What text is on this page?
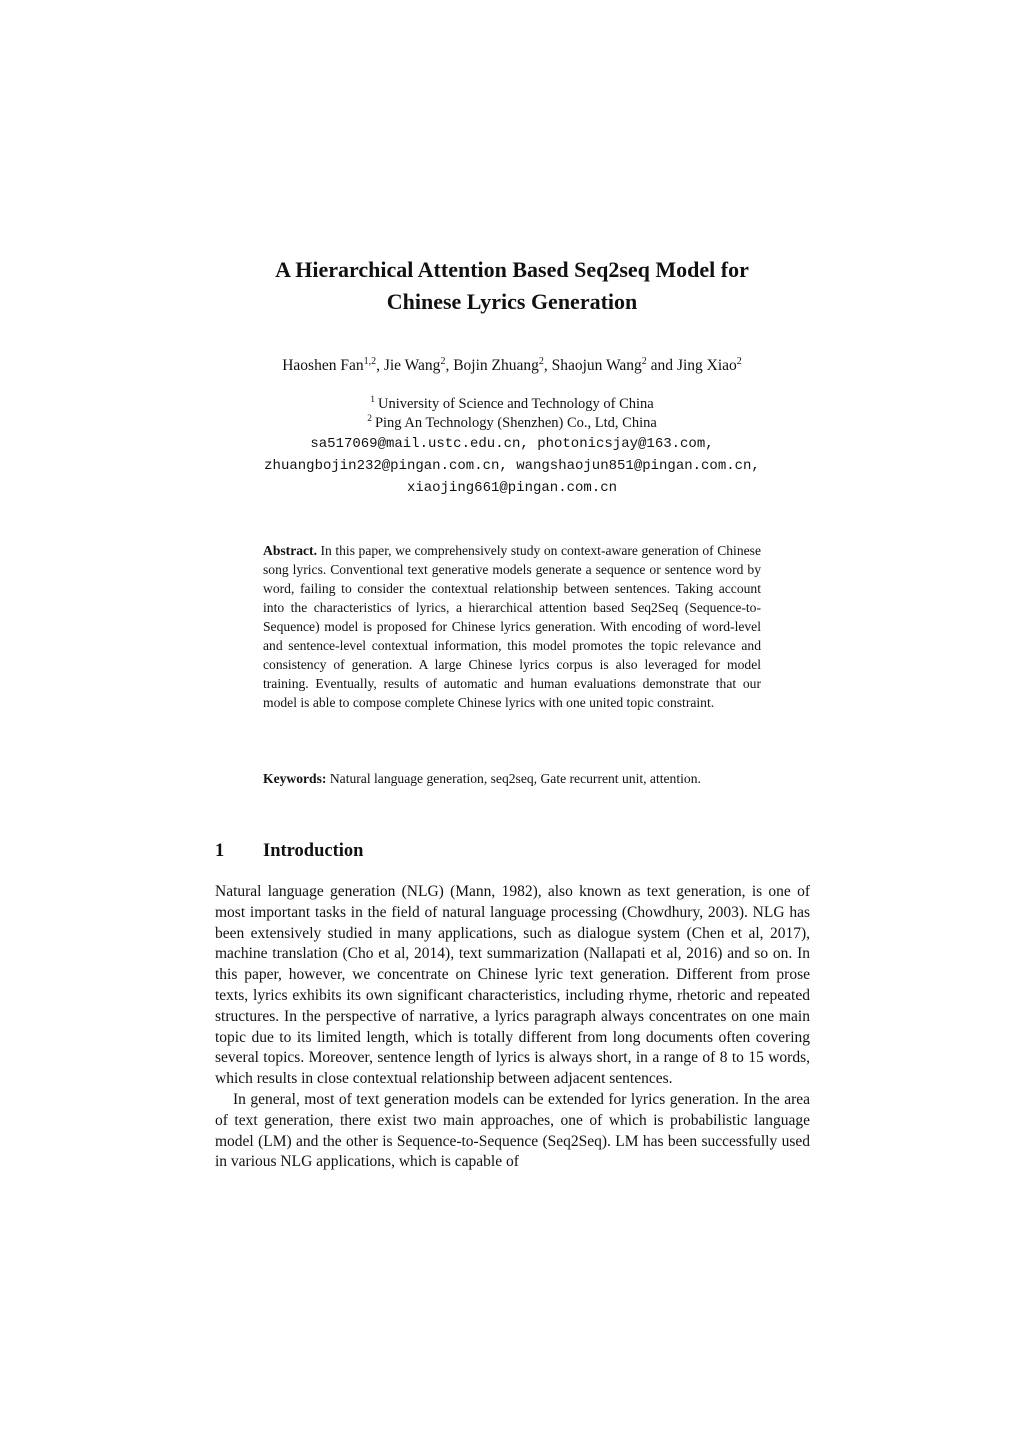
A Hierarchical Attention Based Seq2seq Model for
Chinese Lyrics Generation
Haoshen Fan$^{1,2}$, Jie Wang$^2$, Bojin Zhuang$^2$, Shaojun Wang$^2$ and Jing Xiao$^2$
$^1$ University of Science and Technology of China
$^2$ Ping An Technology (Shenzhen) Co., Ltd, China
sa517069@mail.ustc.edu.cn, photonicsjay@163.com,
zhuangbojin232@pingan.com.cn, wangshaojun851@pingan.com.cn,
xiaojing661@pingan.com.cn
Abstract. In this paper, we comprehensively study on context-aware generation of Chinese song lyrics. Conventional text generative models generate a sequence or sentence word by word, failing to consider the contextual relationship between sentences. Taking account into the characteristics of lyrics, a hierarchical attention based Seq2Seq (Sequence-to-Sequence) model is proposed for Chinese lyrics generation. With encoding of word-level and sentence-level contextual information, this model promotes the topic relevance and consistency of generation. A large Chinese lyrics corpus is also leveraged for model training. Eventually, results of automatic and human evaluations demonstrate that our model is able to compose complete Chinese lyrics with one united topic constraint.
Keywords: Natural language generation, seq2seq, Gate recurrent unit, attention.
1 Introduction

Natural language generation (NLG) (Mann, 1982), also known as text generation, is one of most important tasks in the field of natural language processing (Chowdhury, 2003). NLG has been extensively studied in many applications, such as dialogue system (Chen et al, 2017), machine translation (Cho et al, 2014), text summarization (Nallapati et al, 2016) and so on. In this paper, however, we concentrate on Chinese lyric text generation. Different from prose texts, lyrics exhibits its own significant characteristics, including rhyme, rhetoric and repeated structures. In the perspective of narrative, a lyrics paragraph always concentrates on one main topic due to its limited length, which is totally different from long documents often covering several topics. Moreover, sentence length of lyrics is always short, in a range of 8 to 15 words, which results in close contextual relationship between adjacent sentences.

In general, most of text generation models can be extended for lyrics generation. In the area of text generation, there exist two main approaches, one of which is probabilistic language model (LM) and the other is Sequence-to-Sequence (Seq2Seq). LM has been successfully used in various NLG applications, which is capable of
